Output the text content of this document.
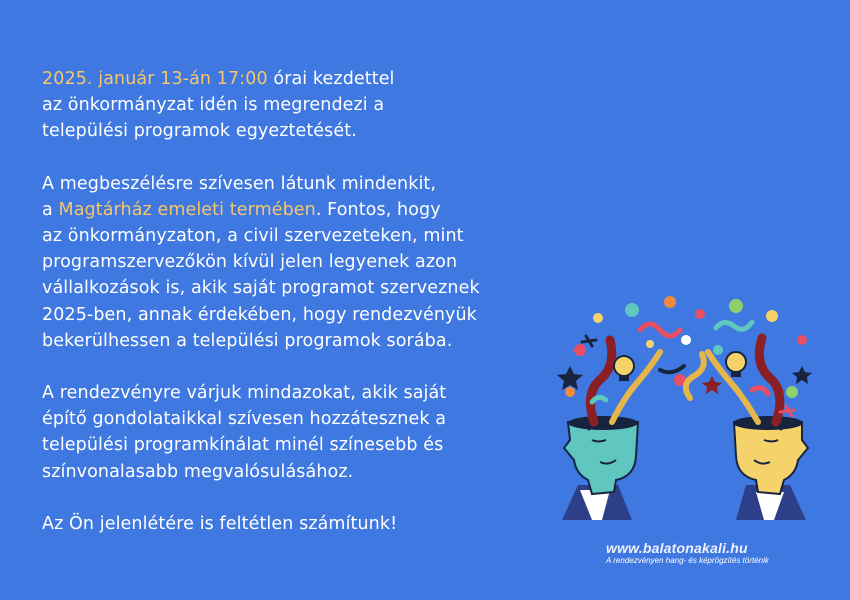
2025. január 13-án 17:00 órai kezdettel
az önkormányzat idén is megrendezi a
települési programok egyeztetését.

A megbeszélésre szívesen látunk mindenkit,
a Magtárház emeleti termében. Fontos, hogy
az önkormányzaton, a civil szervezeteken, mint
programszervezőkön kívül jelen legyenek azon
vállalkozások is, akik saját programot szerveznek
2025-ben, annak érdekében, hogy rendezvényük
bekerülhessen a települési programok sorába.

A rendezvényre várjuk mindazokat, akik saját
építő gondolataikkal szívesen hozzátesznek a
települési programkínálat minél színesebb és
színvonalasabb megvalósulásához.

Az Ön jelenlétére is feltétlen számítunk!

www.balatonakali.hu
A rendezvényen hang- és képrögzítés történik
